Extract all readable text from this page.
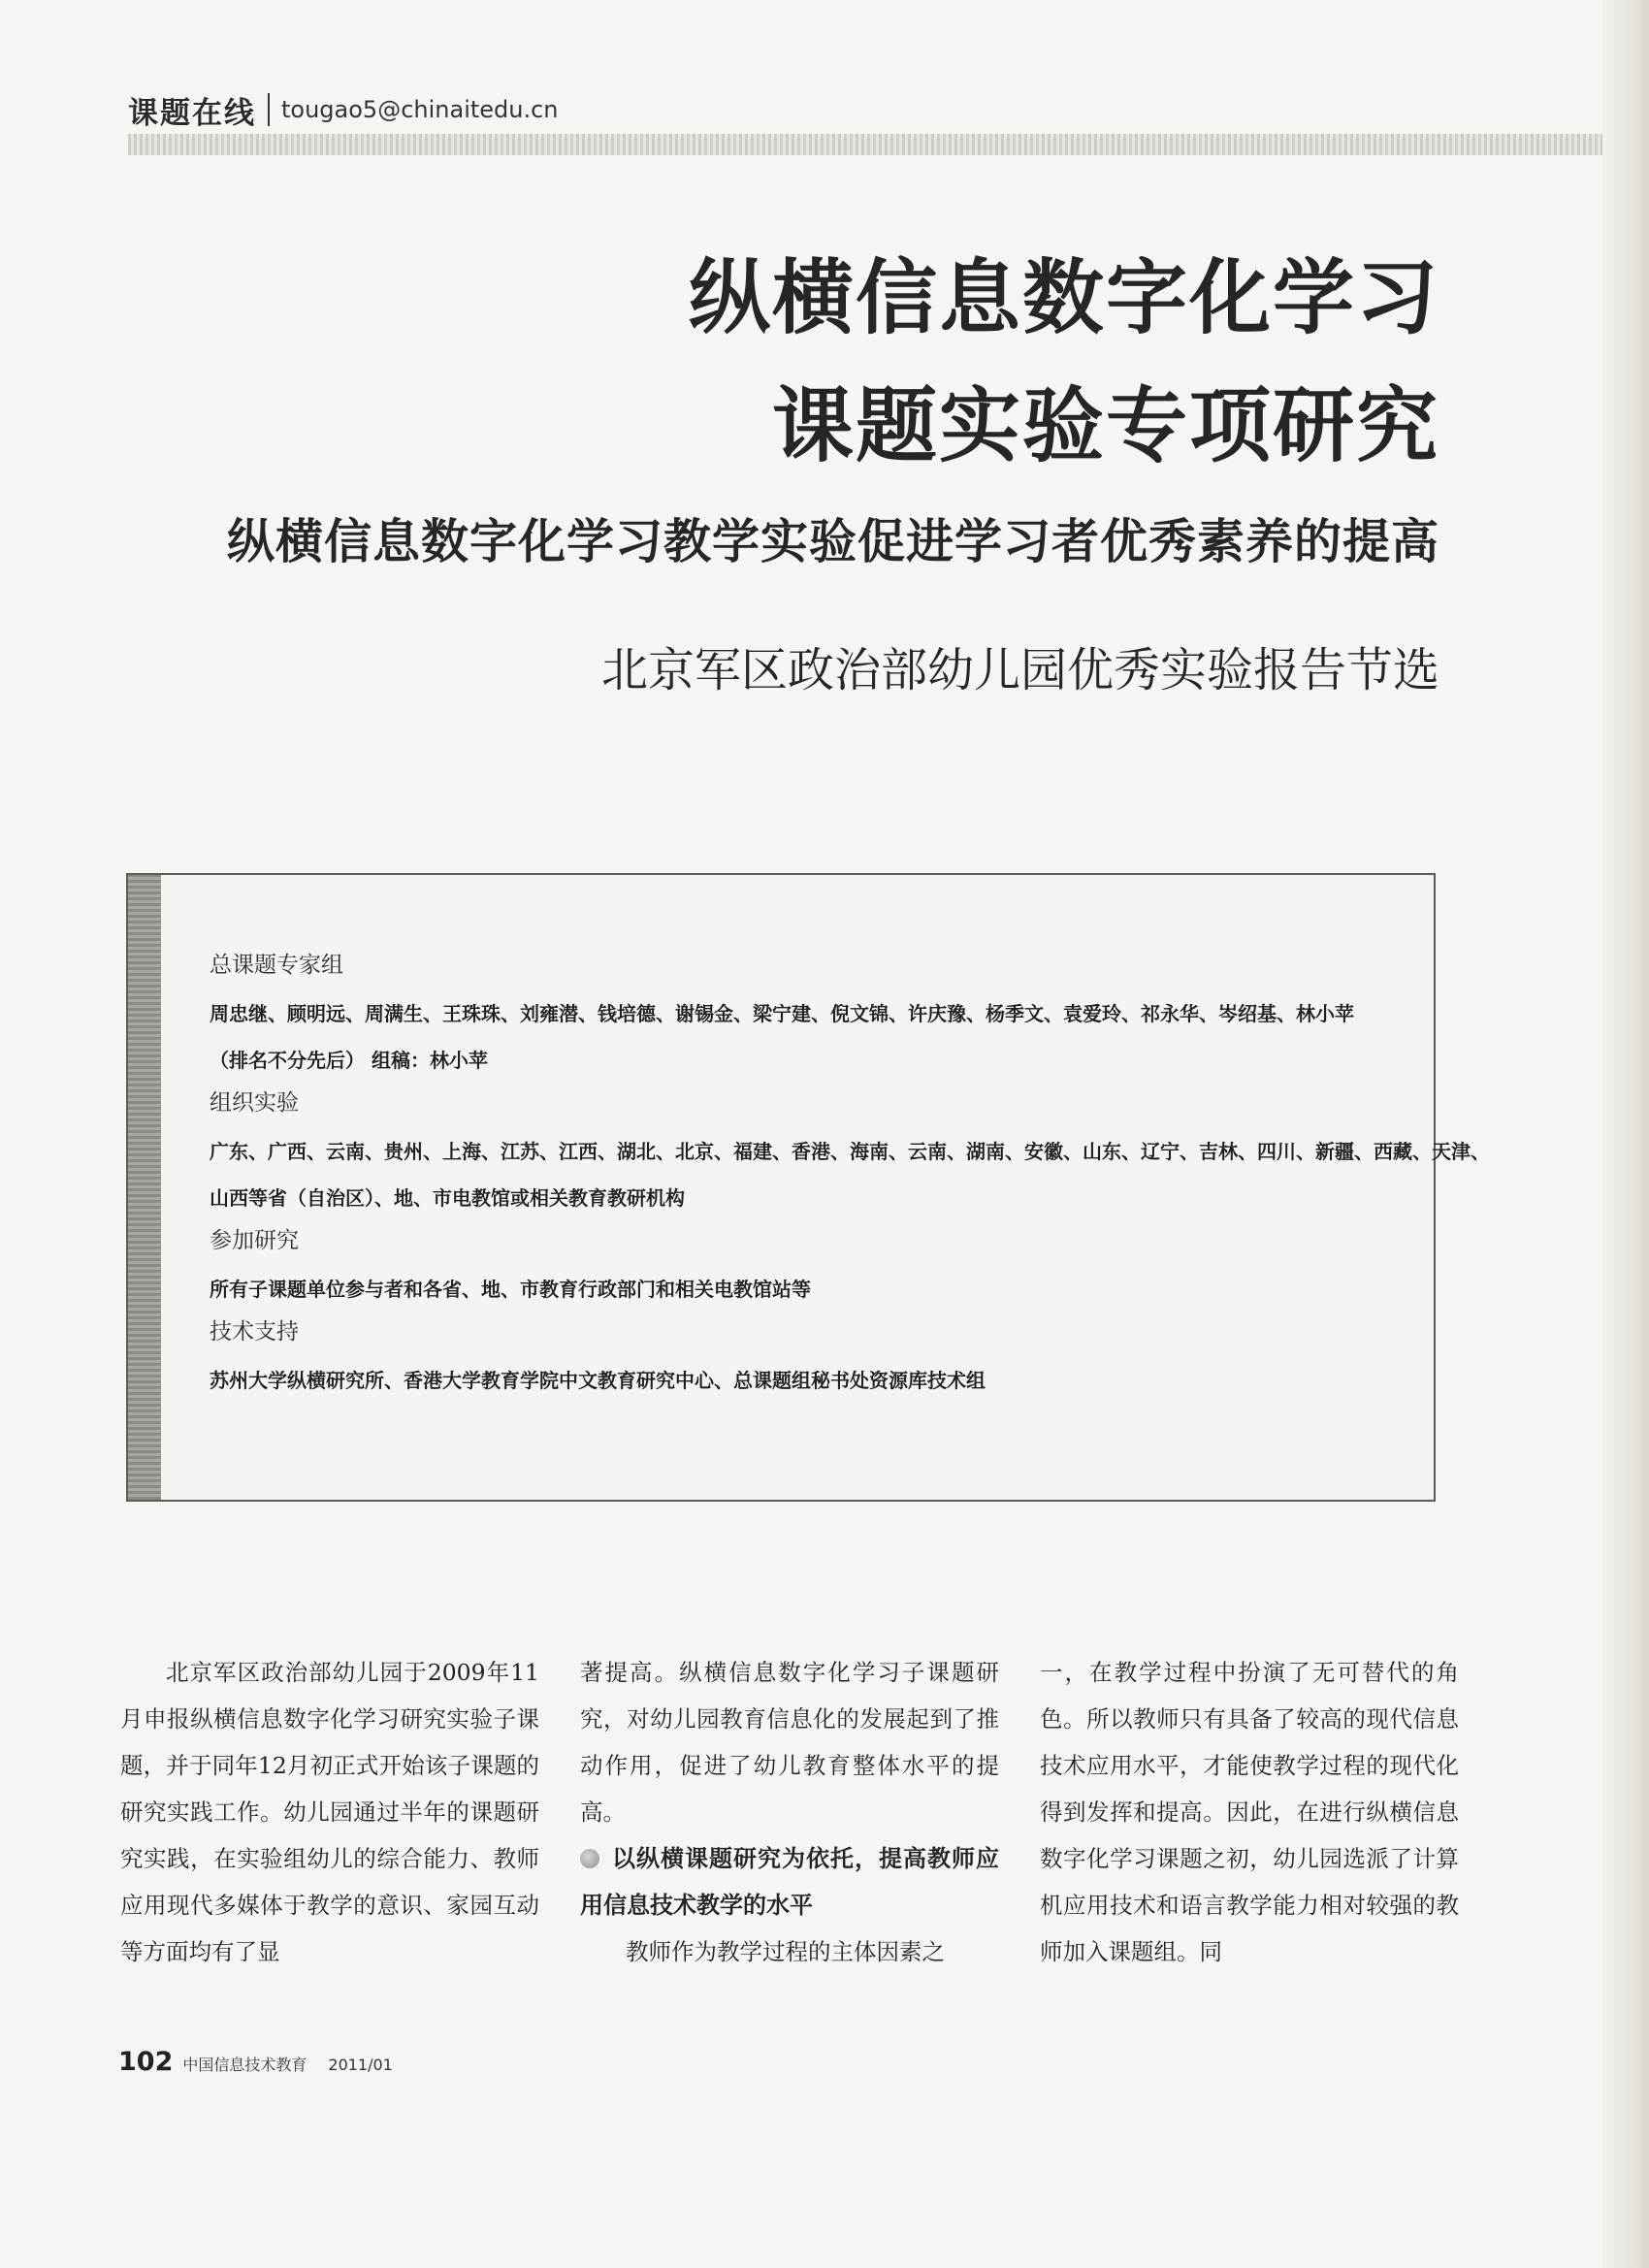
课题在线 tougao5@chinaitedu.cn
纵横信息数字化学习
课题实验专项研究
纵横信息数字化学习教学实验促进学习者优秀素养的提高
北京军区政治部幼儿园优秀实验报告节选
总课题专家组
周忠继、顾明远、周满生、王珠珠、刘雍潜、钱培德、谢锡金、梁宁建、倪文锦、许庆豫、杨季文、袁爱玲、祁永华、岑绍基、林小苹
（排名不分先后） 组稿：林小苹
组织实验
广东、广西、云南、贵州、上海、江苏、江西、湖北、北京、福建、香港、海南、云南、湖南、安徽、山东、辽宁、吉林、四川、新疆、西藏、天津、
山西等省（自治区）、地、市电教馆或相关教育教研机构
参加研究
所有子课题单位参与者和各省、地、市教育行政部门和相关电教馆站等
技术支持
苏州大学纵横研究所、香港大学教育学院中文教育研究中心、总课题组秘书处资源库技术组

北京军区政治部幼儿园于2009年11月申报纵横信息数字化学习研究实验子课题，并于同年12月初正式开始该子课题的研究实践工作。幼儿园通过半年的课题研究实践，在实验组幼儿的综合能力、教师应用现代多媒体于教学的意识、家园互动等方面均有了显

著提高。纵横信息数字化学习子课题研究，对幼儿园教育信息化的发展起到了推动作用，促进了幼儿教育整体水平的提高。

以纵横课题研究为依托，提高教师应用信息技术教学的水平

教师作为教学过程的主体因素之

一，在教学过程中扮演了无可替代的角色。所以教师只有具备了较高的现代信息技术应用水平，才能使教学过程的现代化得到发挥和提高。因此，在进行纵横信息数字化学习课题之初，幼儿园选派了计算机应用技术和语言教学能力相对较强的教师加入课题组。同

102 中国信息技术教育 2011/01
